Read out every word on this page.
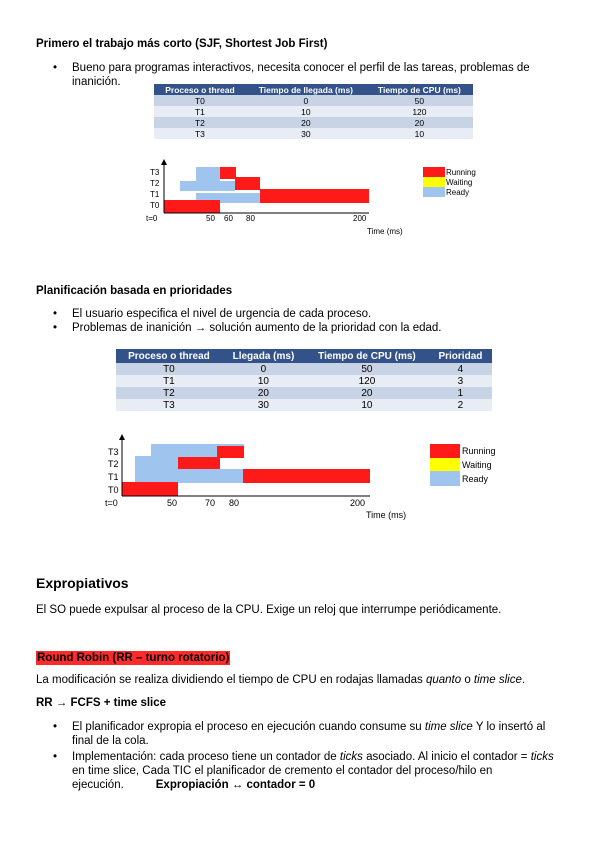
Primero el trabajo más corto (SJF, Shortest Job First)
• Bueno para programas interactivos, necesita conocer el perfil de las tareas, problemas de inanición.
Proceso o thread	Tiempo de llegada (ms)	Tiempo de CPU (ms)
T0	0	50
T1	10	120
T2	20	20
T3	30	10
T3
T2
T1
T0
t=0	50 60 80	200
Time (ms)
Running
Waiting
Ready
Planificación basada en prioridades
• El usuario especifica el nivel de urgencia de cada proceso.
• Problemas de inanición → solución aumento de la prioridad con la edad.
Proceso o thread	Llegada (ms)	Tiempo de CPU (ms)	Prioridad
T0	0	50	4
T1	10	120	3
T2	20	20	1
T3	30	10	2
T3
T2
T1
T0
t=0	50	70 80	200
Time (ms)
Running
Waiting
Ready
Expropiativos
El SO puede expulsar al proceso de la CPU. Exige un reloj que interrumpe periódicamente.
Round Robin (RR – turno rotatorio)
La modificación se realiza dividiendo el tiempo de CPU en rodajas llamadas quanto o time slice.
RR → FCFS + time slice
• El planificador expropia el proceso en ejecución cuando consume su time slice Y lo insertó al final de la cola.
• Implementación: cada proceso tiene un contador de ticks asociado. Al inicio el contador = ticks en time slice, Cada TIC el planificador de cremento el contador del proceso/hilo en ejecución.	Expropiación ↔ contador = 0
